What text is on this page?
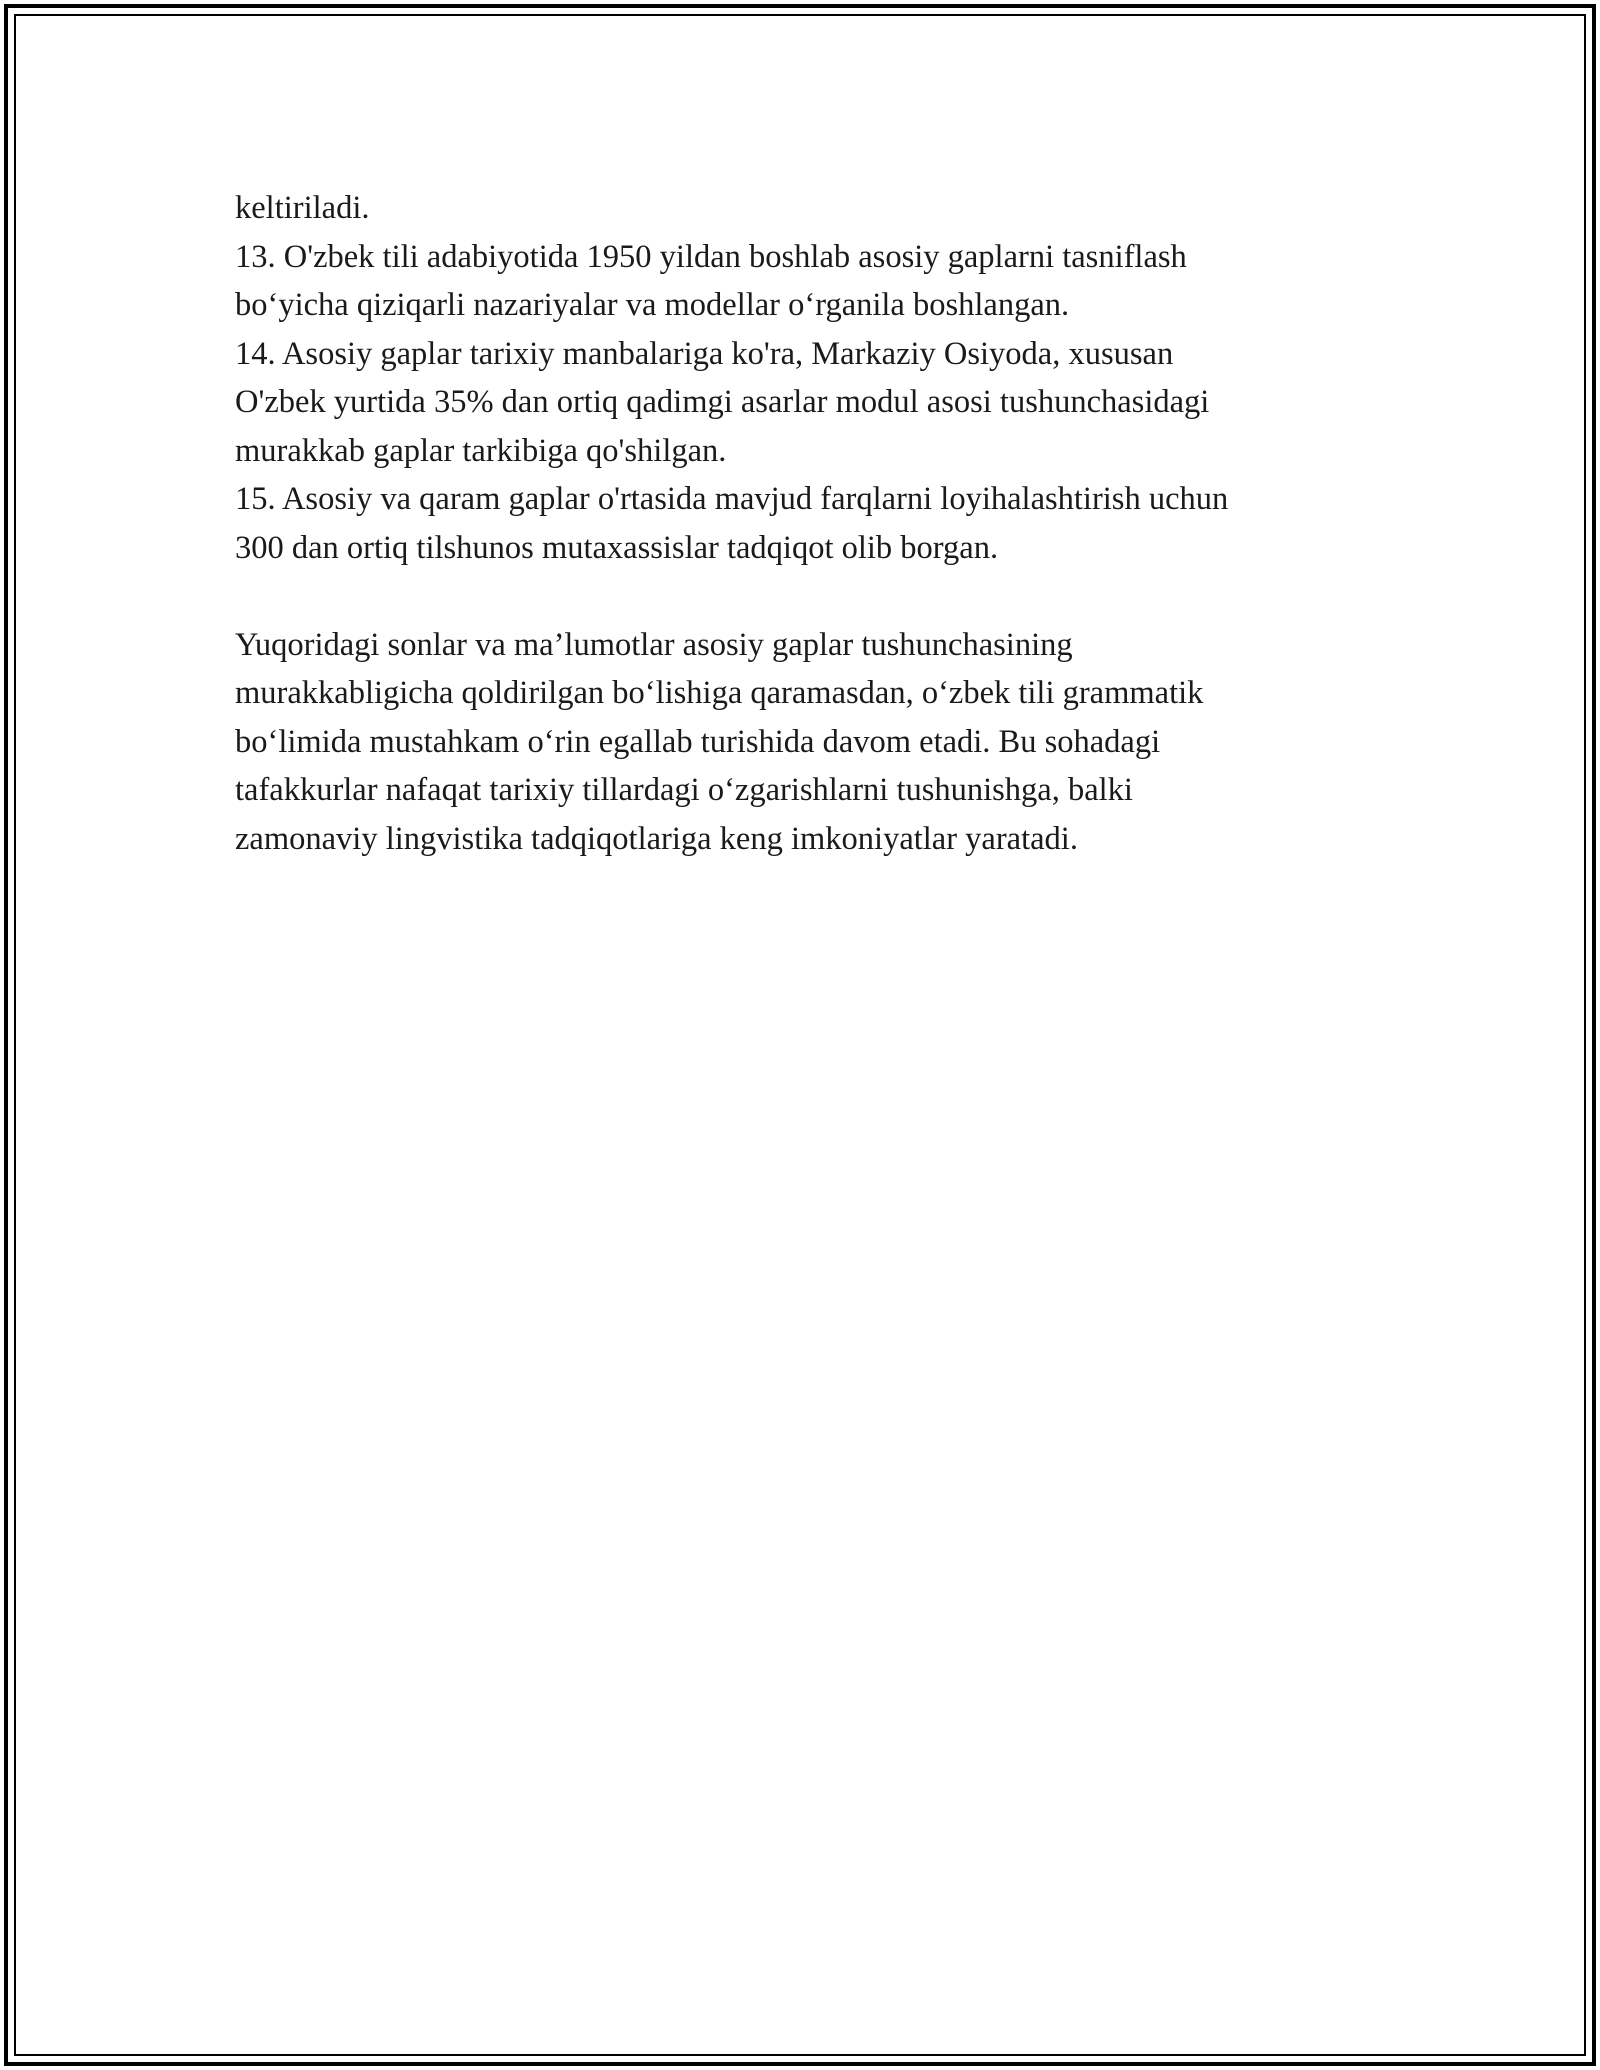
keltiriladi.
13. O'zbek tili adabiyotida 1950 yildan boshlab asosiy gaplarni tasniflash
bo‘yicha qiziqarli nazariyalar va modellar o‘rganila boshlangan.
14. Asosiy gaplar tarixiy manbalariga ko'ra, Markaziy Osiyoda, xususan
O'zbek yurtida 35% dan ortiq qadimgi asarlar modul asosi tushunchasidagi
murakkab gaplar tarkibiga qo'shilgan.
15. Asosiy va qaram gaplar o'rtasida mavjud farqlarni loyihalashtirish uchun
300 dan ortiq tilshunos mutaxassislar tadqiqot olib borgan.
Yuqoridagi sonlar va ma’lumotlar asosiy gaplar tushunchasining
murakkabligicha qoldirilgan bo‘lishiga qaramasdan, o‘zbek tili grammatik
bo‘limida mustahkam o‘rin egallab turishida davom etadi. Bu sohadagi
tafakkurlar nafaqat tarixiy tillardagi o‘zgarishlarni tushunishga, balki
zamonaviy lingvistika tadqiqotlariga keng imkoniyatlar yaratadi.
